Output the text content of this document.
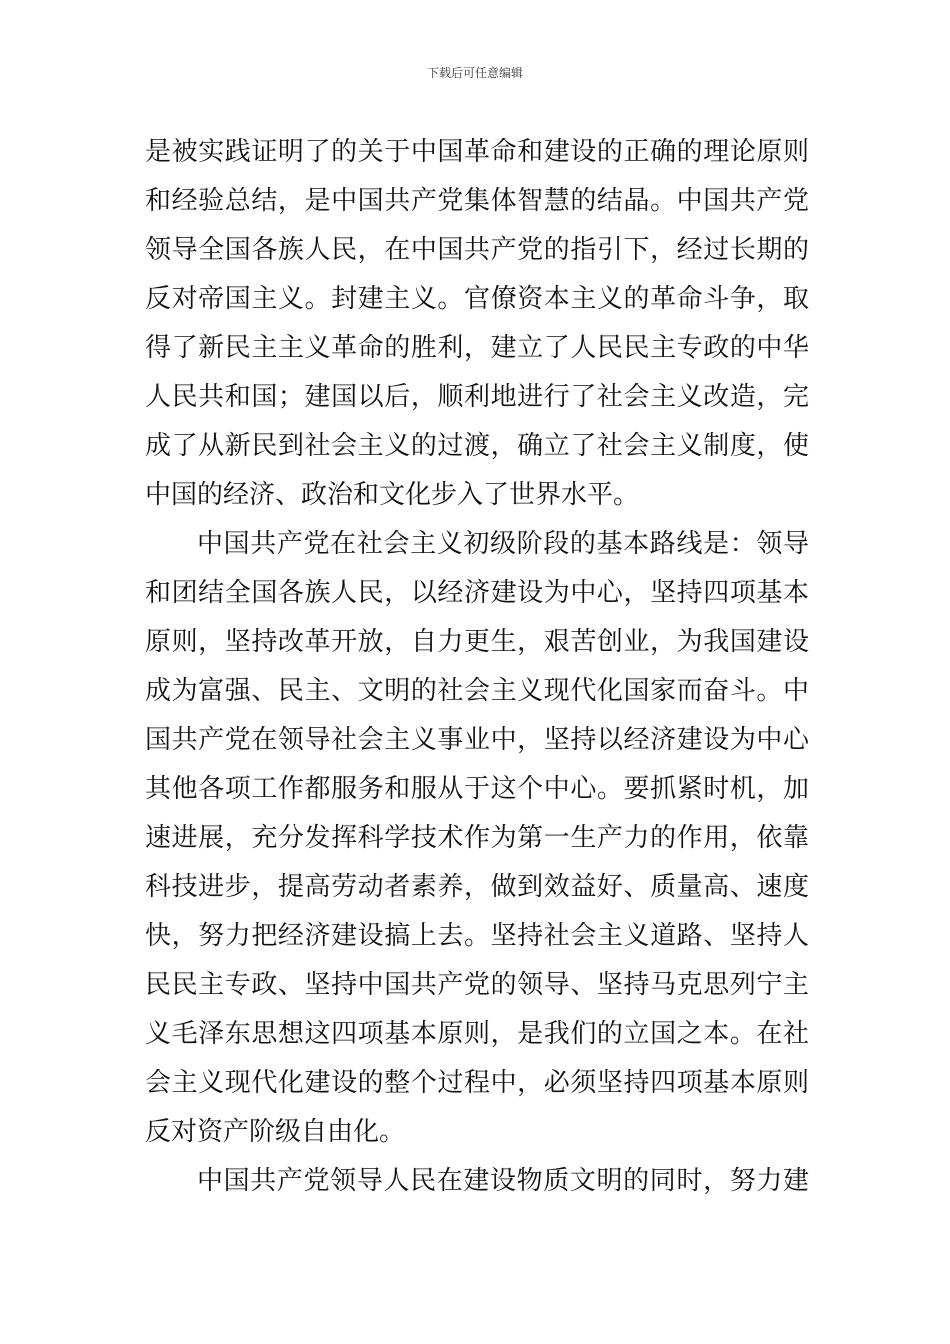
下载后可任意编辑
是被实践证明了的关于中国革命和建设的正确的理论原则
和经验总结，是中国共产党集体智慧的结晶。中国共产党
领导全国各族人民，在中国共产党的指引下，经过长期的
反对帝国主义。封建主义。官僚资本主义的革命斗争，取
得了新民主主义革命的胜利，建立了人民民主专政的中华
人民共和国；建国以后，顺利地进行了社会主义改造，完
成了从新民到社会主义的过渡，确立了社会主义制度，使
中国的经济、政治和文化步入了世界水平。
中国共产党在社会主义初级阶段的基本路线是：领导
和团结全国各族人民，以经济建设为中心，坚持四项基本
原则，坚持改革开放，自力更生，艰苦创业，为我国建设
成为富强、民主、文明的社会主义现代化国家而奋斗。中
国共产党在领导社会主义事业中，坚持以经济建设为中心
其他各项工作都服务和服从于这个中心。要抓紧时机，加
速进展，充分发挥科学技术作为第一生产力的作用，依靠
科技进步，提高劳动者素养，做到效益好、质量高、速度
快，努力把经济建设搞上去。坚持社会主义道路、坚持人
民民主专政、坚持中国共产党的领导、坚持马克思列宁主
义毛泽东思想这四项基本原则，是我们的立国之本。在社
会主义现代化建设的整个过程中，必须坚持四项基本原则
反对资产阶级自由化。
中国共产党领导人民在建设物质文明的同时，努力建
